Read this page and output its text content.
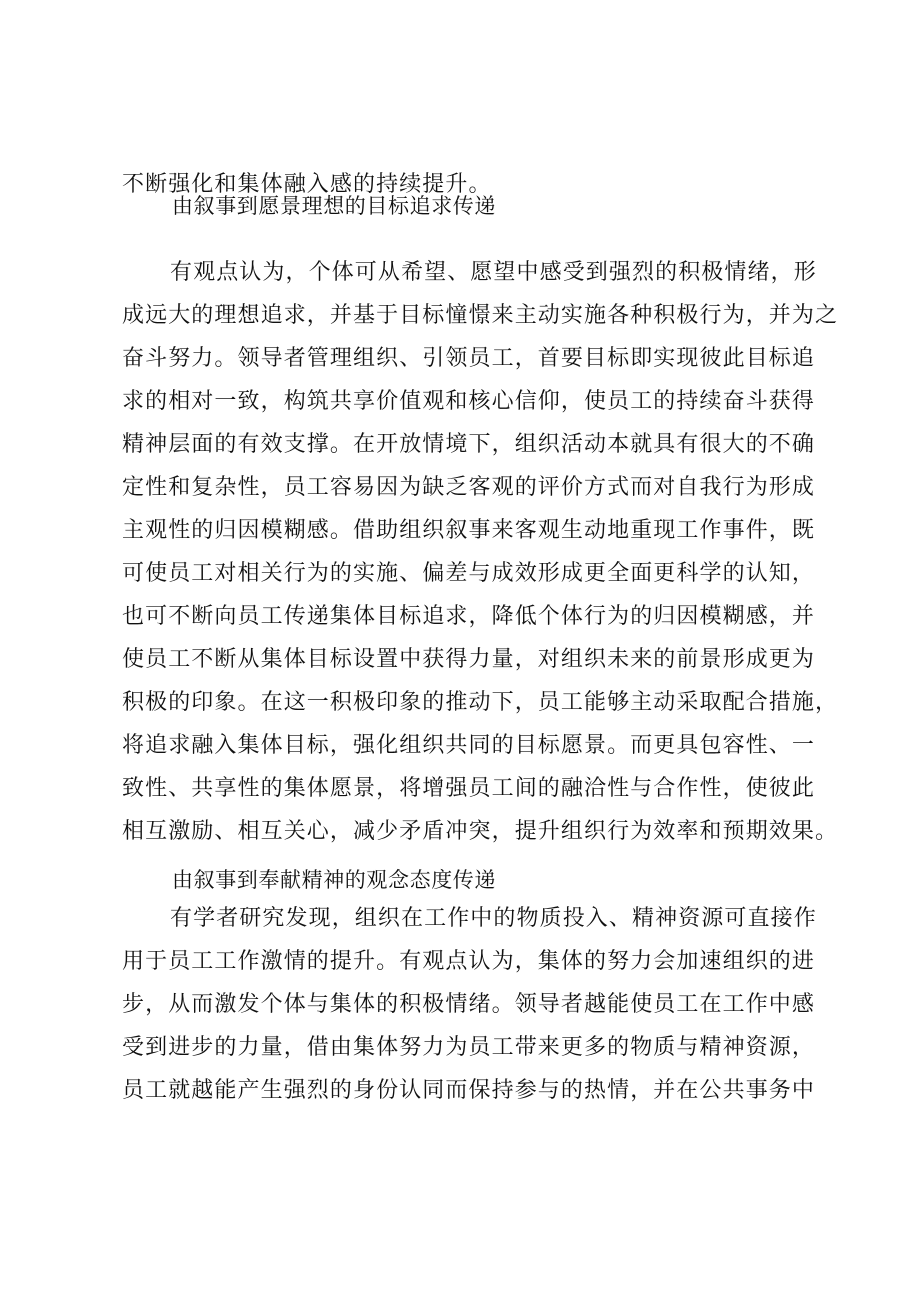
不断强化和集体融入感的持续提升。
由叙事到愿景理想的目标追求传递
有观点认为，个体可从希望、愿望中感受到强烈的积极情绪，形
成远大的理想追求，并基于目标憧憬来主动实施各种积极行为，并为之
奋斗努力。领导者管理组织、引领员工，首要目标即实现彼此目标追
求的相对一致，构筑共享价值观和核心信仰，使员工的持续奋斗获得
精神层面的有效支撑。在开放情境下，组织活动本就具有很大的不确
定性和复杂性，员工容易因为缺乏客观的评价方式而对自我行为形成
主观性的归因模糊感。借助组织叙事来客观生动地重现工作事件，既
可使员工对相关行为的实施、偏差与成效形成更全面更科学的认知，
也可不断向员工传递集体目标追求，降低个体行为的归因模糊感，并
使员工不断从集体目标设置中获得力量，对组织未来的前景形成更为
积极的印象。在这一积极印象的推动下，员工能够主动采取配合措施，
将追求融入集体目标，强化组织共同的目标愿景。而更具包容性、一
致性、共享性的集体愿景，将增强员工间的融洽性与合作性，使彼此
相互激励、相互关心，减少矛盾冲突，提升组织行为效率和预期效果。
由叙事到奉献精神的观念态度传递
有学者研究发现，组织在工作中的物质投入、精神资源可直接作
用于员工工作激情的提升。有观点认为，集体的努力会加速组织的进
步，从而激发个体与集体的积极情绪。领导者越能使员工在工作中感
受到进步的力量，借由集体努力为员工带来更多的物质与精神资源，
员工就越能产生强烈的身份认同而保持参与的热情，并在公共事务中
